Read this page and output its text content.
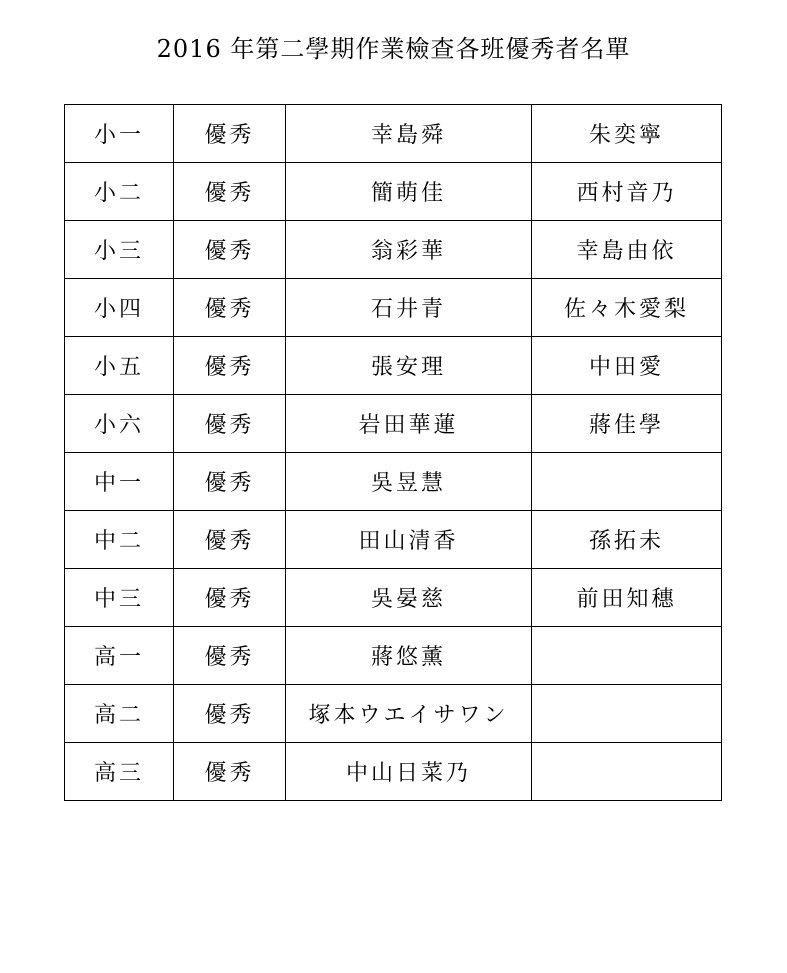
2016 年第二學期作業檢查各班優秀者名單
小一	優秀	幸島舜	朱奕寧
小二	優秀	簡萌佳	西村音乃
小三	優秀	翁彩華	幸島由依
小四	優秀	石井青	佐々木愛梨
小五	優秀	張安理	中田愛
小六	優秀	岩田華蓮	蔣佳學
中一	優秀	吳昱慧	
中二	優秀	田山清香	孫拓未
中三	優秀	吳晏慈	前田知穗
高一	優秀	蔣悠薰	
高二	優秀	塚本ウエイサワン	
高三	優秀	中山日菜乃	
